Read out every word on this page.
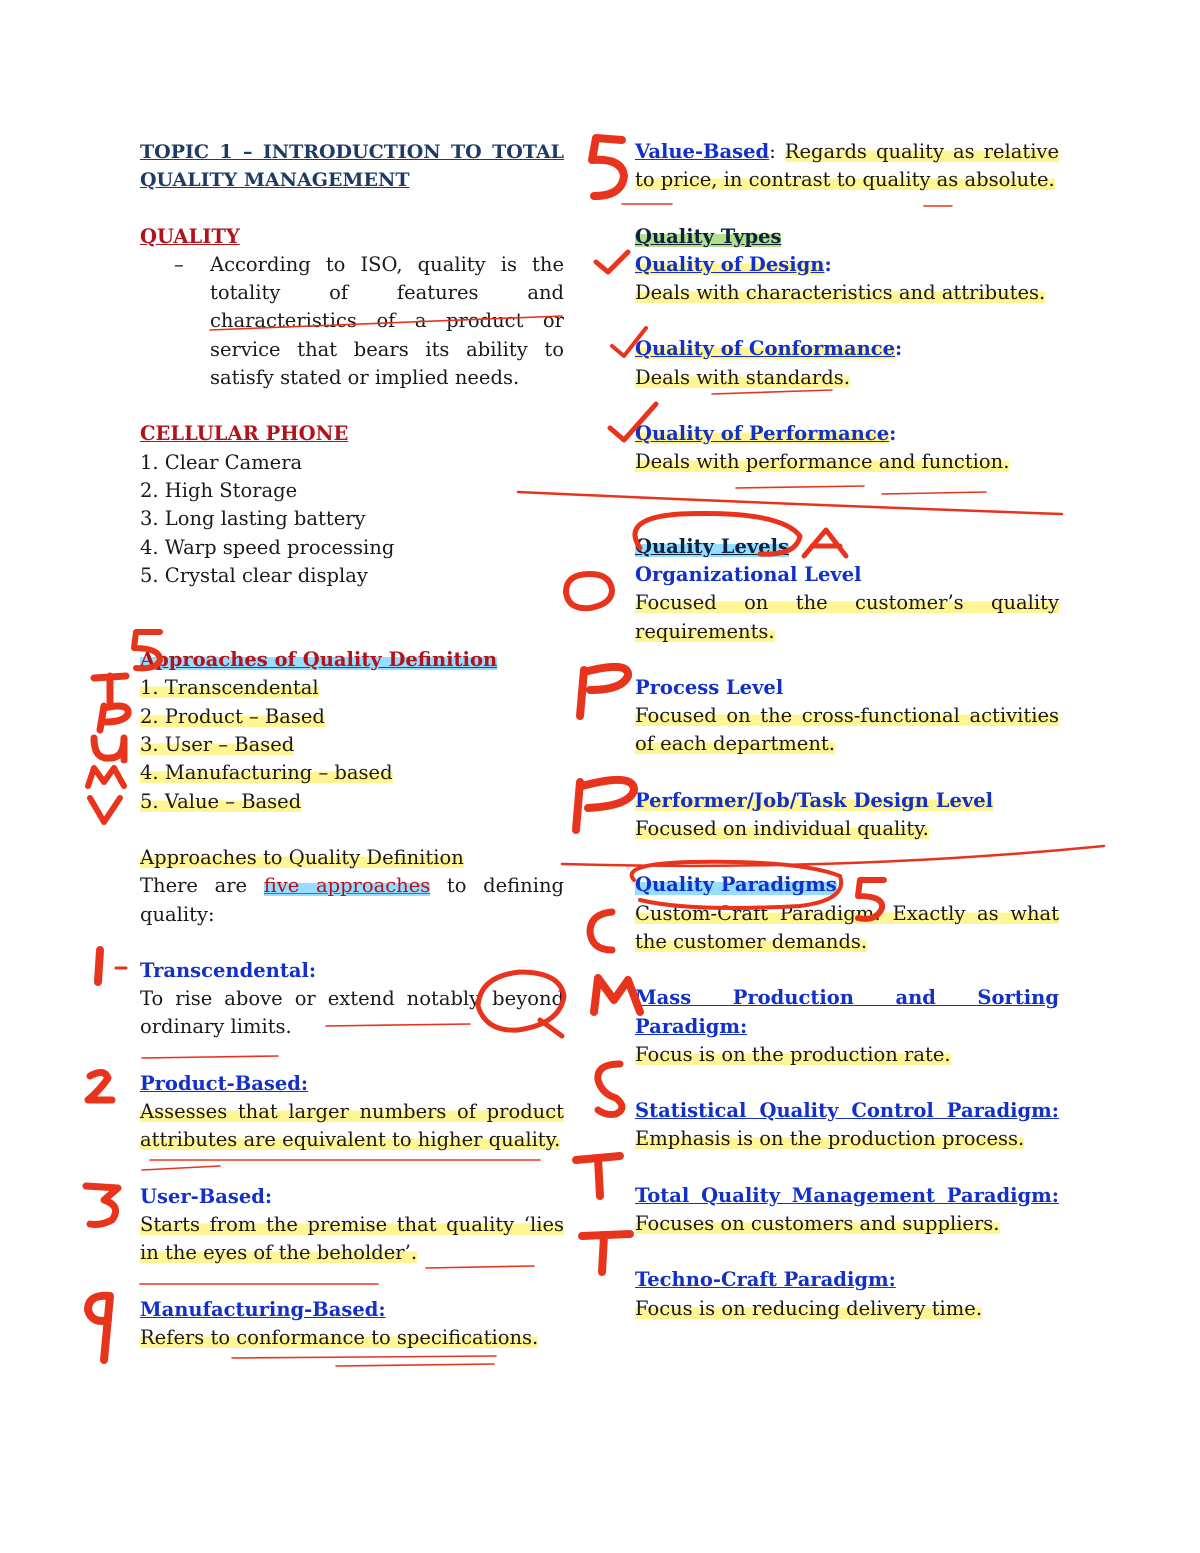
TOPIC 1 – INTRODUCTION TO TOTAL
QUALITY MANAGEMENT

QUALITY

–	According to ISO, quality is the totality of features and characteristics of a product or service that bears its ability to satisfy stated or implied needs.

CELLULAR PHONE

1. Clear Camera
2. High Storage
3. Long lasting battery
4. Warp speed processing
5. Crystal clear display

Approaches of Quality Definition

1. Transcendental
2. Product – Based
3. User – Based
4. Manufacturing – based
5. Value – Based

Approaches to Quality Definition

There are five approaches to defining quality:

Transcendental:

To rise above or extend notably beyond ordinary limits.

Product-Based:

Assesses that larger numbers of product attributes are equivalent to higher quality.

User-Based:

Starts from the premise that quality ‘lies in the eyes of the beholder’.

Manufacturing-Based:

Refers to conformance to specifications.

Value-Based: Regards quality as relative to price, in contrast to quality as absolute.

Quality Types

Quality of Design:

Deals with characteristics and attributes.

Quality of Conformance:

Deals with standards.

Quality of Performance:

Deals with performance and function.

Quality Levels

Organizational Level

Focused on the customer’s quality requirements.

Process Level

Focused on the cross-functional activities of each department.

Performer/Job/Task Design Level

Focused on individual quality.

Quality Paradigms

Custom-Craft Paradigm: Exactly as what the customer demands.

Mass Production and Sorting Paradigm:

Focus is on the production rate.

Statistical Quality Control Paradigm:

Emphasis is on the production process.

Total Quality Management Paradigm:

Focuses on customers and suppliers.

Techno-Craft Paradigm:

Focus is on reducing delivery time.
